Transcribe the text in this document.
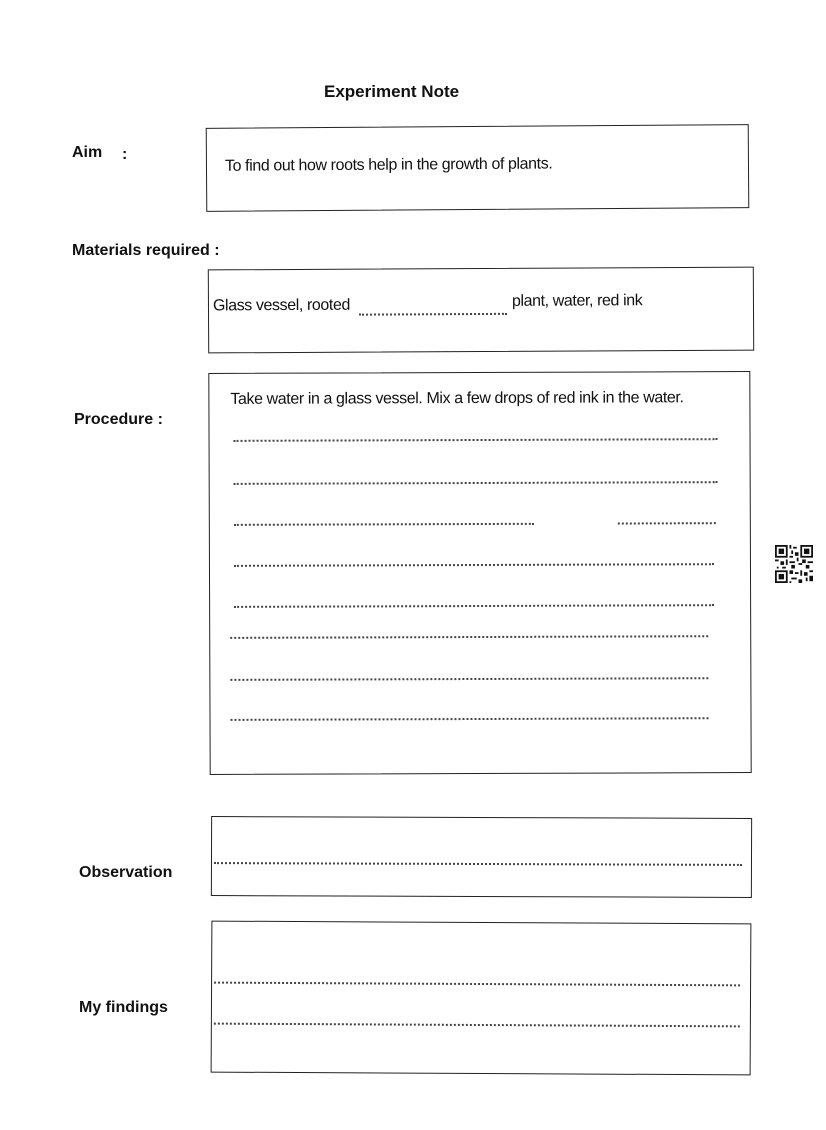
Experiment Note
Aim :
To find out how roots help in the growth of plants.
Materials required :
Glass vessel, rooted	plant, water, red ink
Procedure :
Take water in a glass vessel. Mix a few drops of red ink in the water.
Observation
My findings
